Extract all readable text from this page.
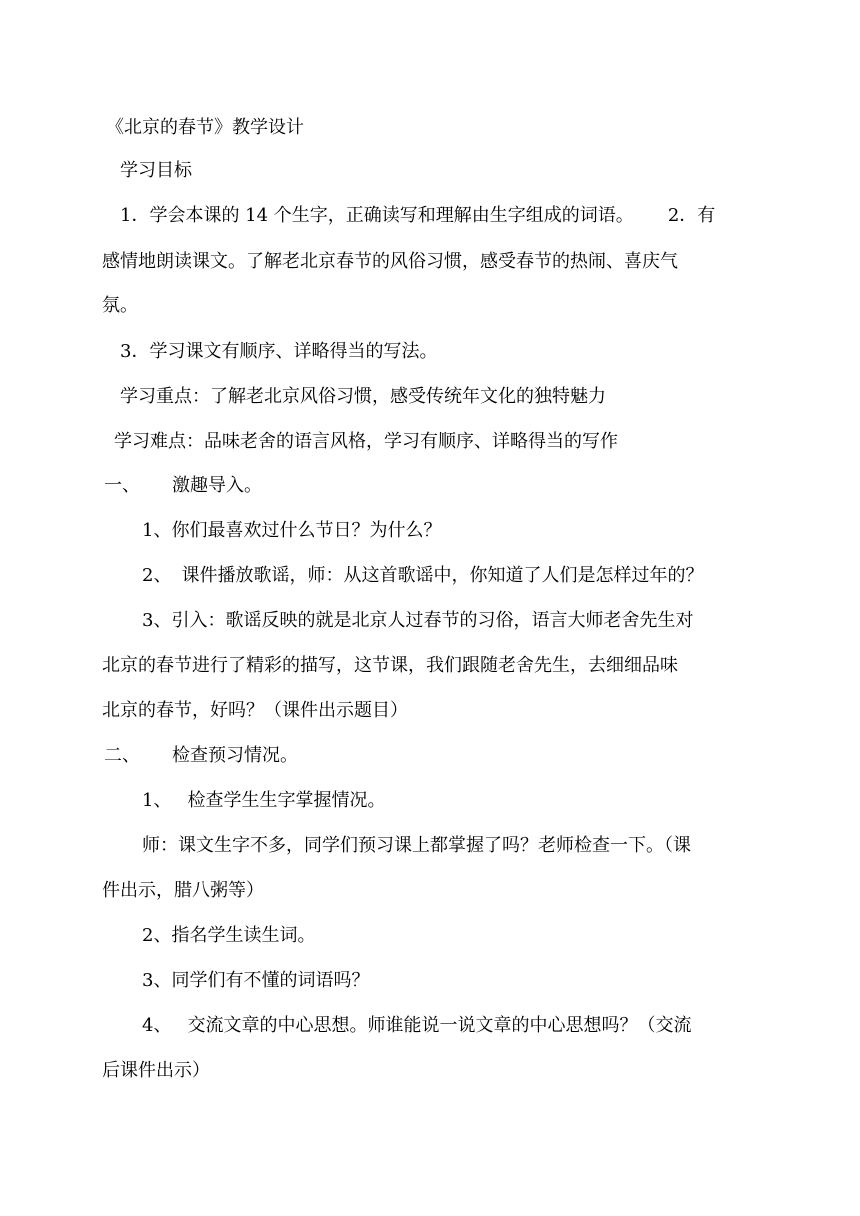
《北京的春节》教学设计
学习目标
1．学会本课的 14 个生字，正确读写和理解由生字组成的词语。 2．有
感情地朗读课文。了解老北京春节的风俗习惯，感受春节的热闹、喜庆气
氛。
3．学习课文有顺序、详略得当的写法。
学习重点：了解老北京风俗习惯，感受传统年文化的独特魅力
学习难点：品味老舍的语言风格，学习有顺序、详略得当的写作
一、 激趣导入。
1、你们最喜欢过什么节日？为什么？
2、 课件播放歌谣，师：从这首歌谣中，你知道了人们是怎样过年的？
3、引入：歌谣反映的就是北京人过春节的习俗，语言大师老舍先生对
北京的春节进行了精彩的描写，这节课，我们跟随老舍先生，去细细品味
北京的春节，好吗？（课件出示题目）
二、 检查预习情况。
1、 检查学生生字掌握情况。
师：课文生字不多，同学们预习课上都掌握了吗？老师检查一下。（课
件出示，腊八粥等）
2、指名学生读生词。
3、同学们有不懂的词语吗？
4、 交流文章的中心思想。师谁能说一说文章的中心思想吗？（交流
后课件出示）
